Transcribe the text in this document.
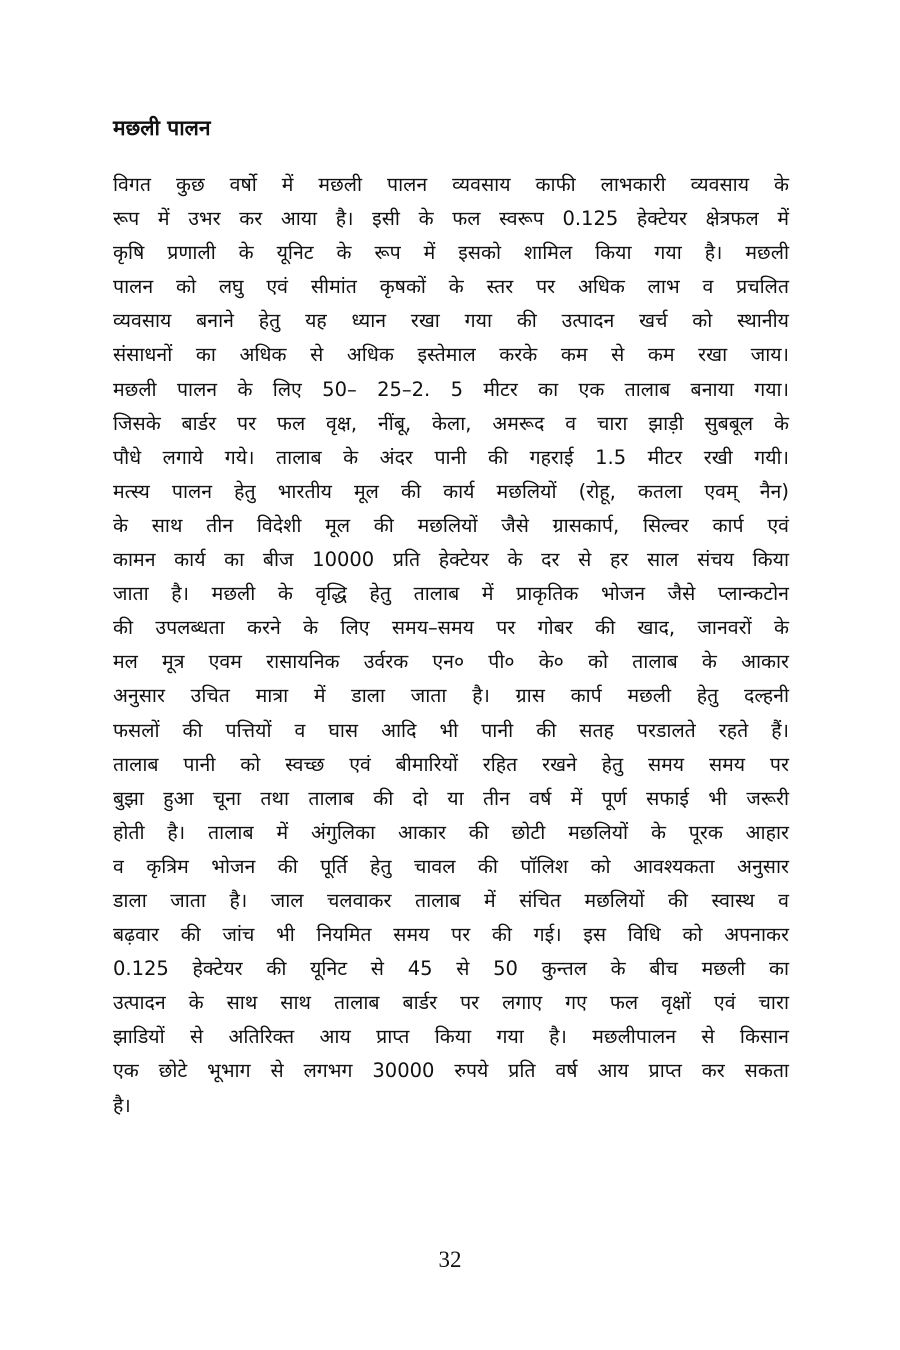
मछली पालन
विगत कुछ वर्षो में मछली पालन व्यवसाय काफी लाभकारी व्यवसाय के
रूप में उभर कर आया है। इसी के फल स्वरूप 0.125 हेक्टेयर क्षेत्रफल में
कृषि प्रणाली के यूनिट के रूप में इसको शामिल किया गया है। मछली
पालन को लघु एवं सीमांत कृषकों के स्तर पर अधिक लाभ व प्रचलित
व्यवसाय बनाने हेतु यह ध्यान रखा गया की उत्पादन खर्च को स्थानीय
संसाधनों का अधिक से अधिक इस्तेमाल करके कम से कम रखा जाय।
मछली पालन के लिए 50– 25–2. 5 मीटर का एक तालाब बनाया गया।
जिसके बार्डर पर फल वृक्ष, नींबू, केला, अमरूद व चारा झाड़ी सुबबूल के
पौधे लगाये गये। तालाब के अंदर पानी की गहराई 1.5 मीटर रखी गयी।
मत्स्य पालन हेतु भारतीय मूल की कार्य मछलियों (रोहू, कतला एवम् नैन)
के साथ तीन विदेशी मूल की मछलियों जैसे ग्रासकार्प, सिल्वर कार्प एवं
कामन कार्य का बीज 10000 प्रति हेक्टेयर के दर से हर साल संचय किया
जाता है। मछली के वृद्धि हेतु तालाब में प्राकृतिक भोजन जैसे प्लान्कटोन
की उपलब्धता करने के लिए समय–समय पर गोबर की खाद, जानवरों के
मल मूत्र एवम रासायनिक उर्वरक एन० पी० के० को तालाब के आकार
अनुसार उचित मात्रा में डाला जाता है। ग्रास कार्प मछली हेतु दल्हनी
फसलों की पत्तियों व घास आदि भी पानी की सतह परडालते रहते हैं।
तालाब पानी को स्वच्छ एवं बीमारियों रहित रखने हेतु समय समय पर
बुझा हुआ चूना तथा तालाब की दो या तीन वर्ष में पूर्ण सफाई भी जरूरी
होती है। तालाब में अंगुलिका आकार की छोटी मछलियों के पूरक आहार
व कृत्रिम भोजन की पूर्ति हेतु चावल की पॉलिश को आवश्यकता अनुसार
डाला जाता है। जाल चलवाकर तालाब में संचित मछलियों की स्वास्थ व
बढ़वार की जांच भी नियमित समय पर की गई। इस विधि को अपनाकर
0.125 हेक्टेयर की यूनिट से 45 से 50 कुन्तल के बीच मछली का
उत्पादन के साथ साथ तालाब बार्डर पर लगाए गए फल वृक्षों एवं चारा
झाडियों से अतिरिक्त आय प्राप्त किया गया है। मछलीपालन से किसान
एक छोटे भूभाग से लगभग 30000 रुपये प्रति वर्ष आय प्राप्त कर सकता
है।
32
